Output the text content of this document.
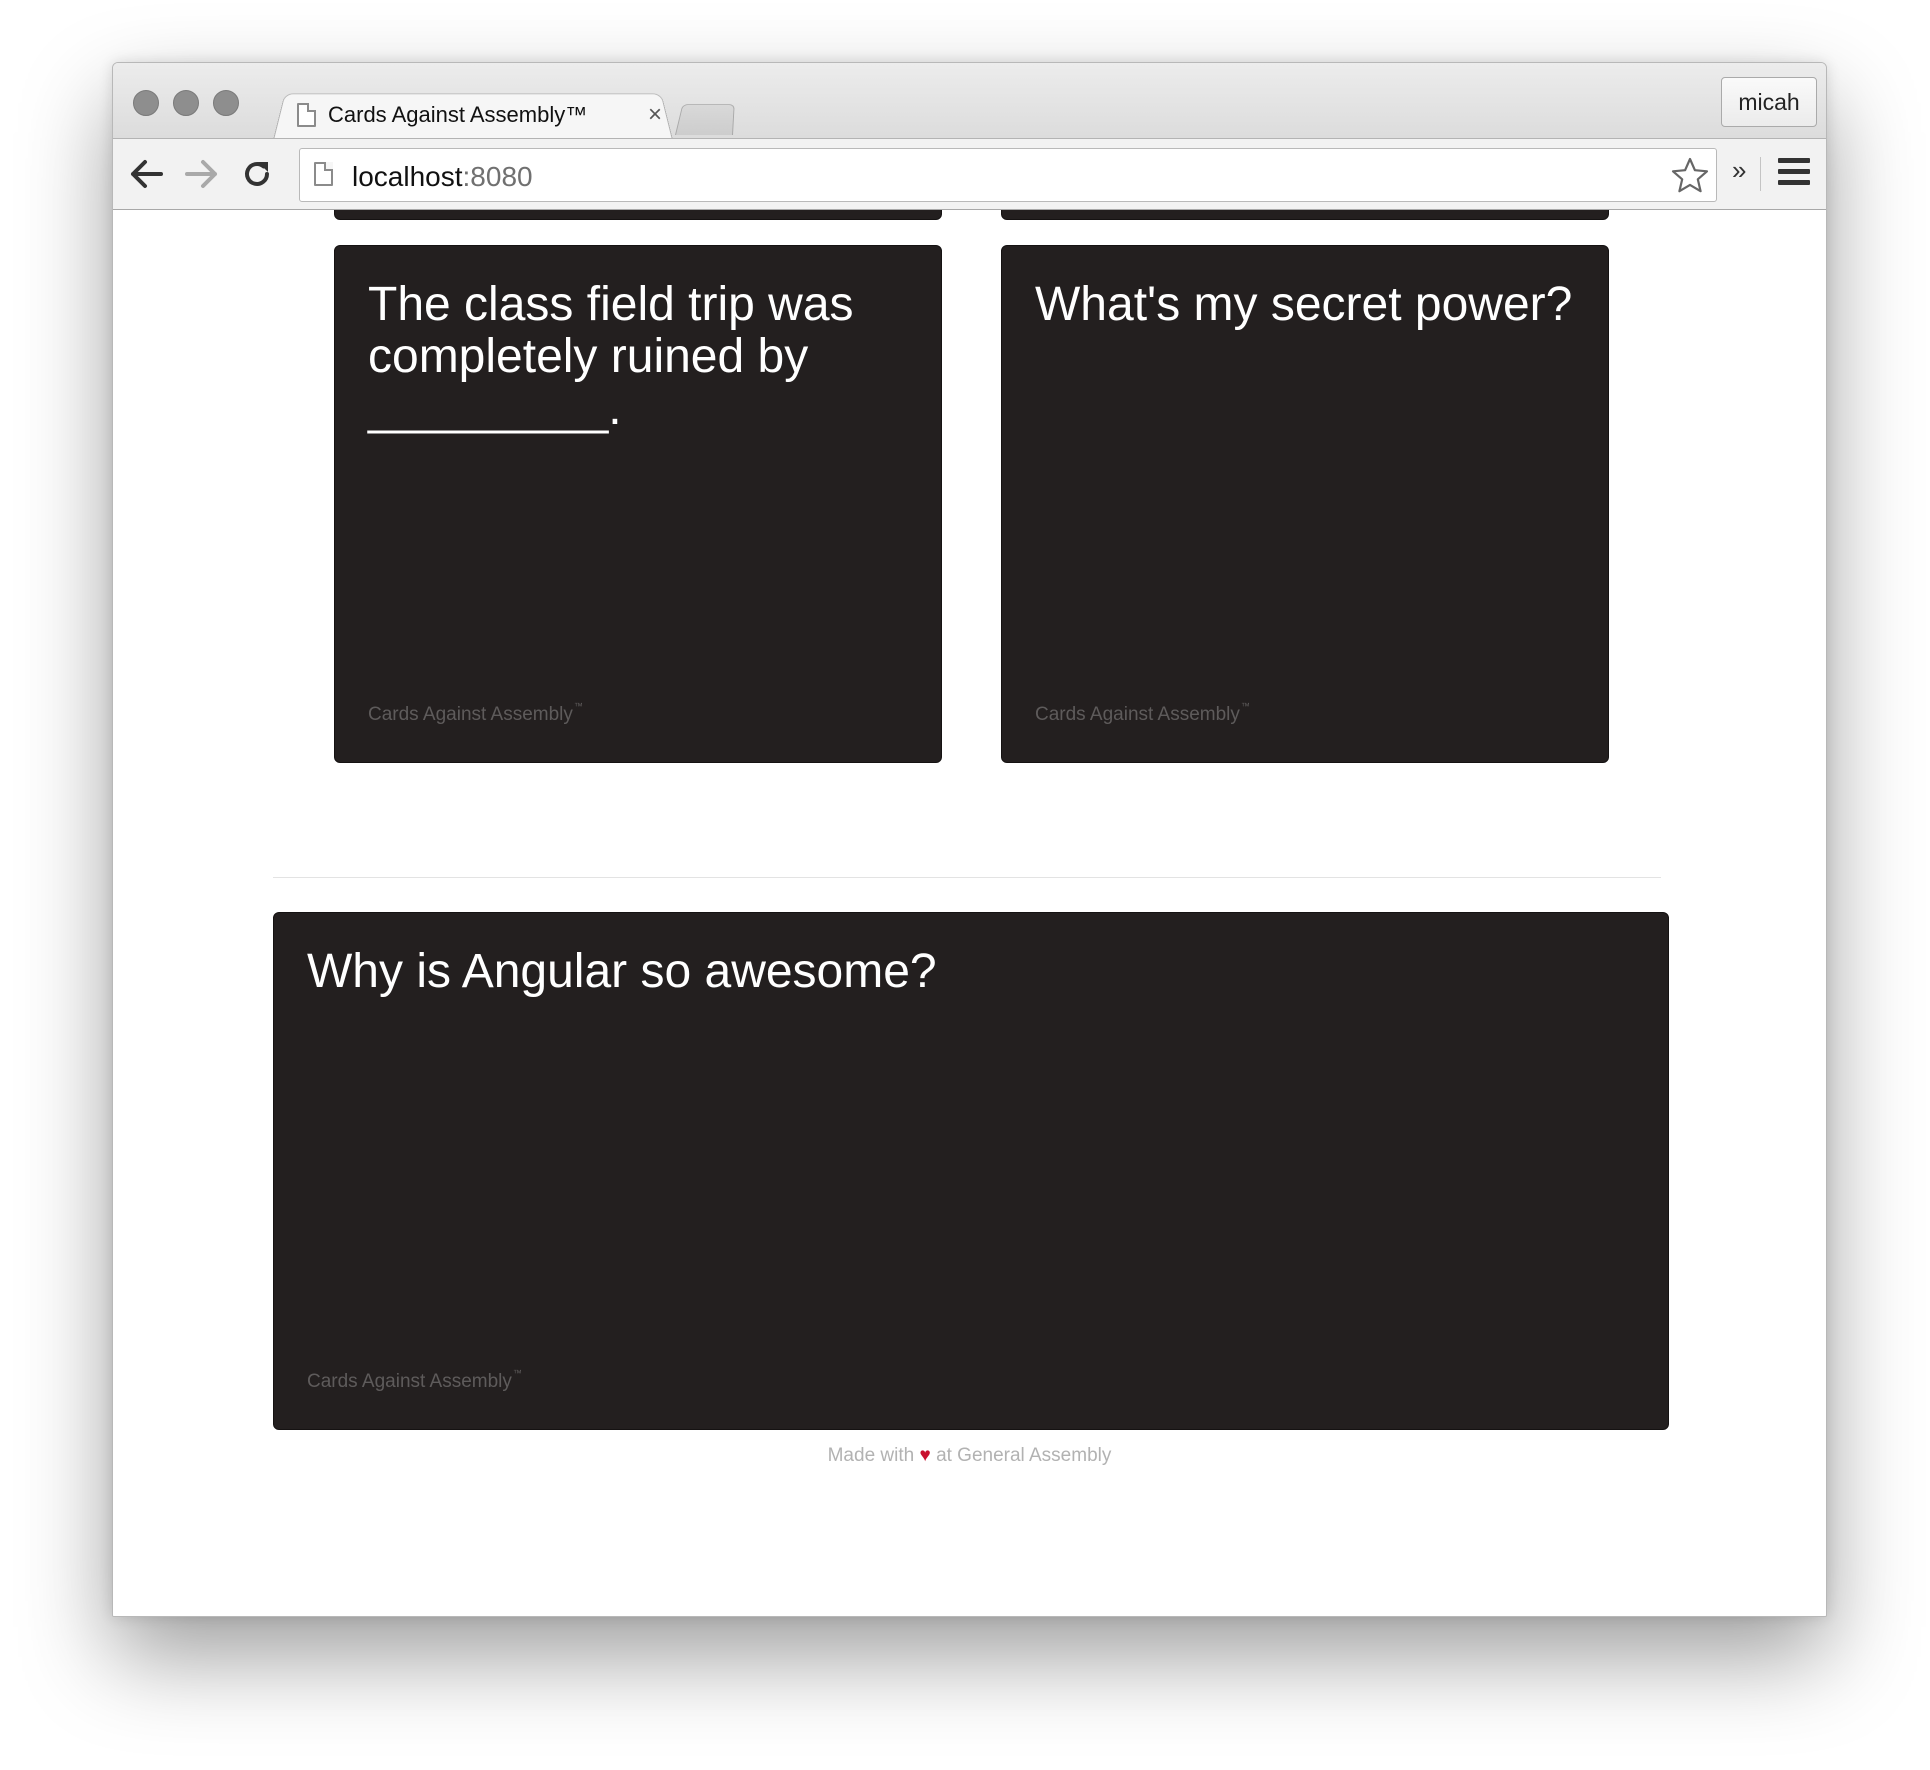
Cards Against Assembly™	×	micah
localhost:8080	»

The class field trip was completely ruined by _________.

Cards Against Assembly™

What's my secret power?

Cards Against Assembly™

Why is Angular so awesome?

Cards Against Assembly™
Made with ♥ at General Assembly
